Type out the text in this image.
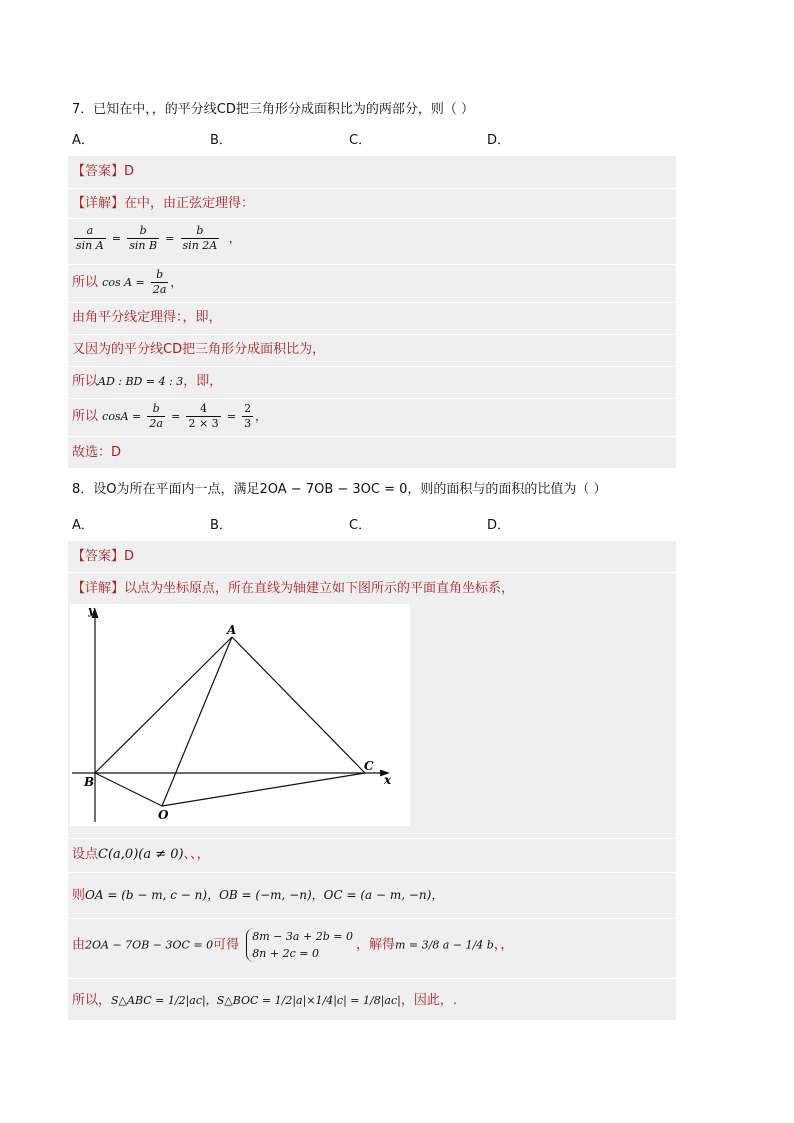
7．已知在中，，的平分线CD把三角形分成面积比为的两部分，则（ ）
A．	B．	C．	D．
【答案】D
【详解】在中，由正弦定理得：
$\frac{a}{\text{sin A}} = \frac{b}{\text{sin B}} = \frac{b}{\sin 2A}$ ，
所以 $\cos A = \frac{b}{2a}$ ，
由角平分线定理得：，即，
又因为的平分线CD把三角形分成面积比为，
所以AD : BD = 4 : 3，即，
所以 $\cos A = \frac{b}{2a} = \frac{4}{2 \times 3} = \frac{2}{3}$ ，
故选：D
8．设O为所在平面内一点，满足2OA − 7OB − 3OC = 0，则的面积与的面积的比值为（ ）
A．	B．	C．	D．
【答案】D
【详解】以点为坐标原点，所在直线为轴建立如下图所示的平面直角坐标系，
y
x
A
B
C
O
设点C(a,0)(a ≠ 0)、、，
则OA = (b − m, c − n)，OB = (−m, −n)，OC = (a − m, −n)，
由2OA − 7OB − 3OC = 0可得
8m − 3a + 2b = 0
8n + 2c = 0
，解得m = 3/8 a − 1/4 b，，
所以，S△ABC = 1/2|ac|，S△BOC = 1/2|a|×1/4|c| = 1/8|ac|，因此，.
